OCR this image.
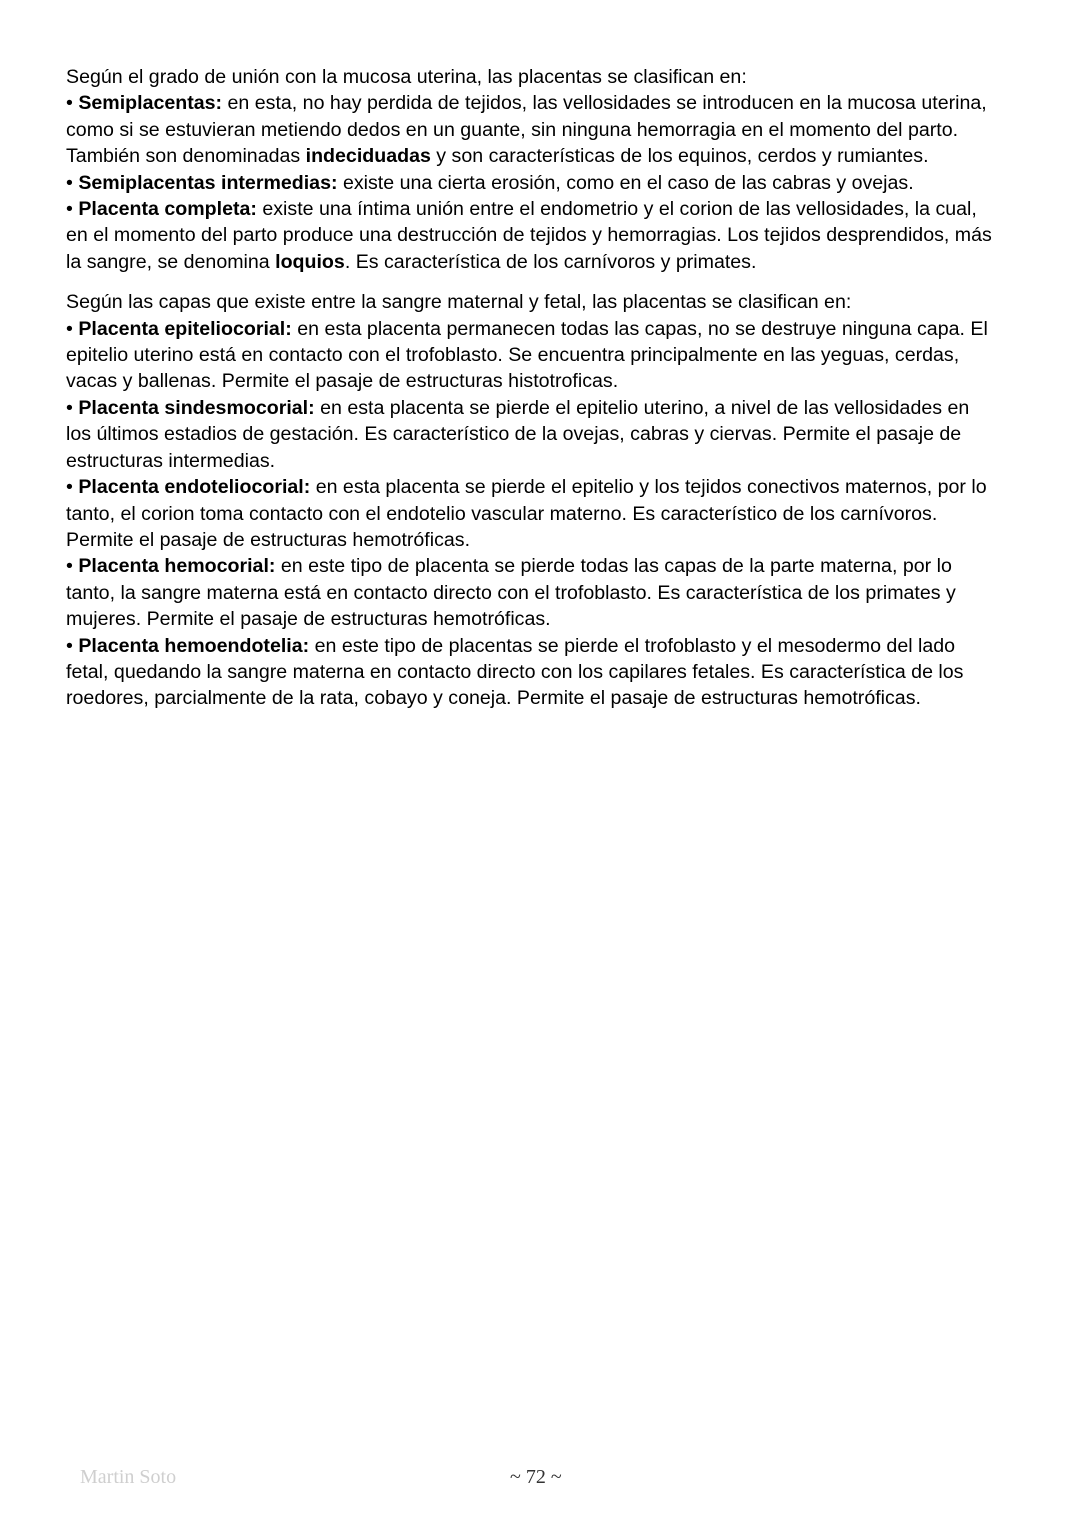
Según el grado de unión con la mucosa uterina, las placentas se clasifican en:
• Semiplacentas: en esta, no hay perdida de tejidos, las vellosidades se introducen en la mucosa uterina,
como si se estuvieran metiendo dedos en un guante, sin ninguna hemorragia en el momento del parto.
También son denominadas indeciduadas y son características de los equinos, cerdos y rumiantes.
• Semiplacentas intermedias: existe una cierta erosión, como en el caso de las cabras y ovejas.
• Placenta completa: existe una íntima unión entre el endometrio y el corion de las vellosidades, la cual,
en el momento del parto produce una destrucción de tejidos y hemorragias. Los tejidos desprendidos, más
la sangre, se denomina loquios. Es característica de los carnívoros y primates.
Según las capas que existe entre la sangre maternal y fetal, las placentas se clasifican en:
• Placenta epiteliocorial: en esta placenta permanecen todas las capas, no se destruye ninguna capa. El
epitelio uterino está en contacto con el trofoblasto. Se encuentra principalmente en las yeguas, cerdas,
vacas y ballenas. Permite el pasaje de estructuras histotroficas.
• Placenta sindesmocorial: en esta placenta se pierde el epitelio uterino, a nivel de las vellosidades en
los últimos estadios de gestación. Es característico de la ovejas, cabras y ciervas. Permite el pasaje de
estructuras intermedias.
• Placenta endoteliocorial: en esta placenta se pierde el epitelio y los tejidos conectivos maternos, por lo
tanto, el corion toma contacto con el endotelio vascular materno. Es característico de los carnívoros.
Permite el pasaje de estructuras hemotróficas.
• Placenta hemocorial: en este tipo de placenta se pierde todas las capas de la parte materna, por lo
tanto, la sangre materna está en contacto directo con el trofoblasto. Es característica de los primates y
mujeres. Permite el pasaje de estructuras hemotróficas.
• Placenta hemoendotelia: en este tipo de placentas se pierde el trofoblasto y el mesodermo del lado
fetal, quedando la sangre materna en contacto directo con los capilares fetales. Es característica de los
roedores, parcialmente de la rata, cobayo y coneja. Permite el pasaje de estructuras hemotróficas.
Martin Soto	~ 72 ~
